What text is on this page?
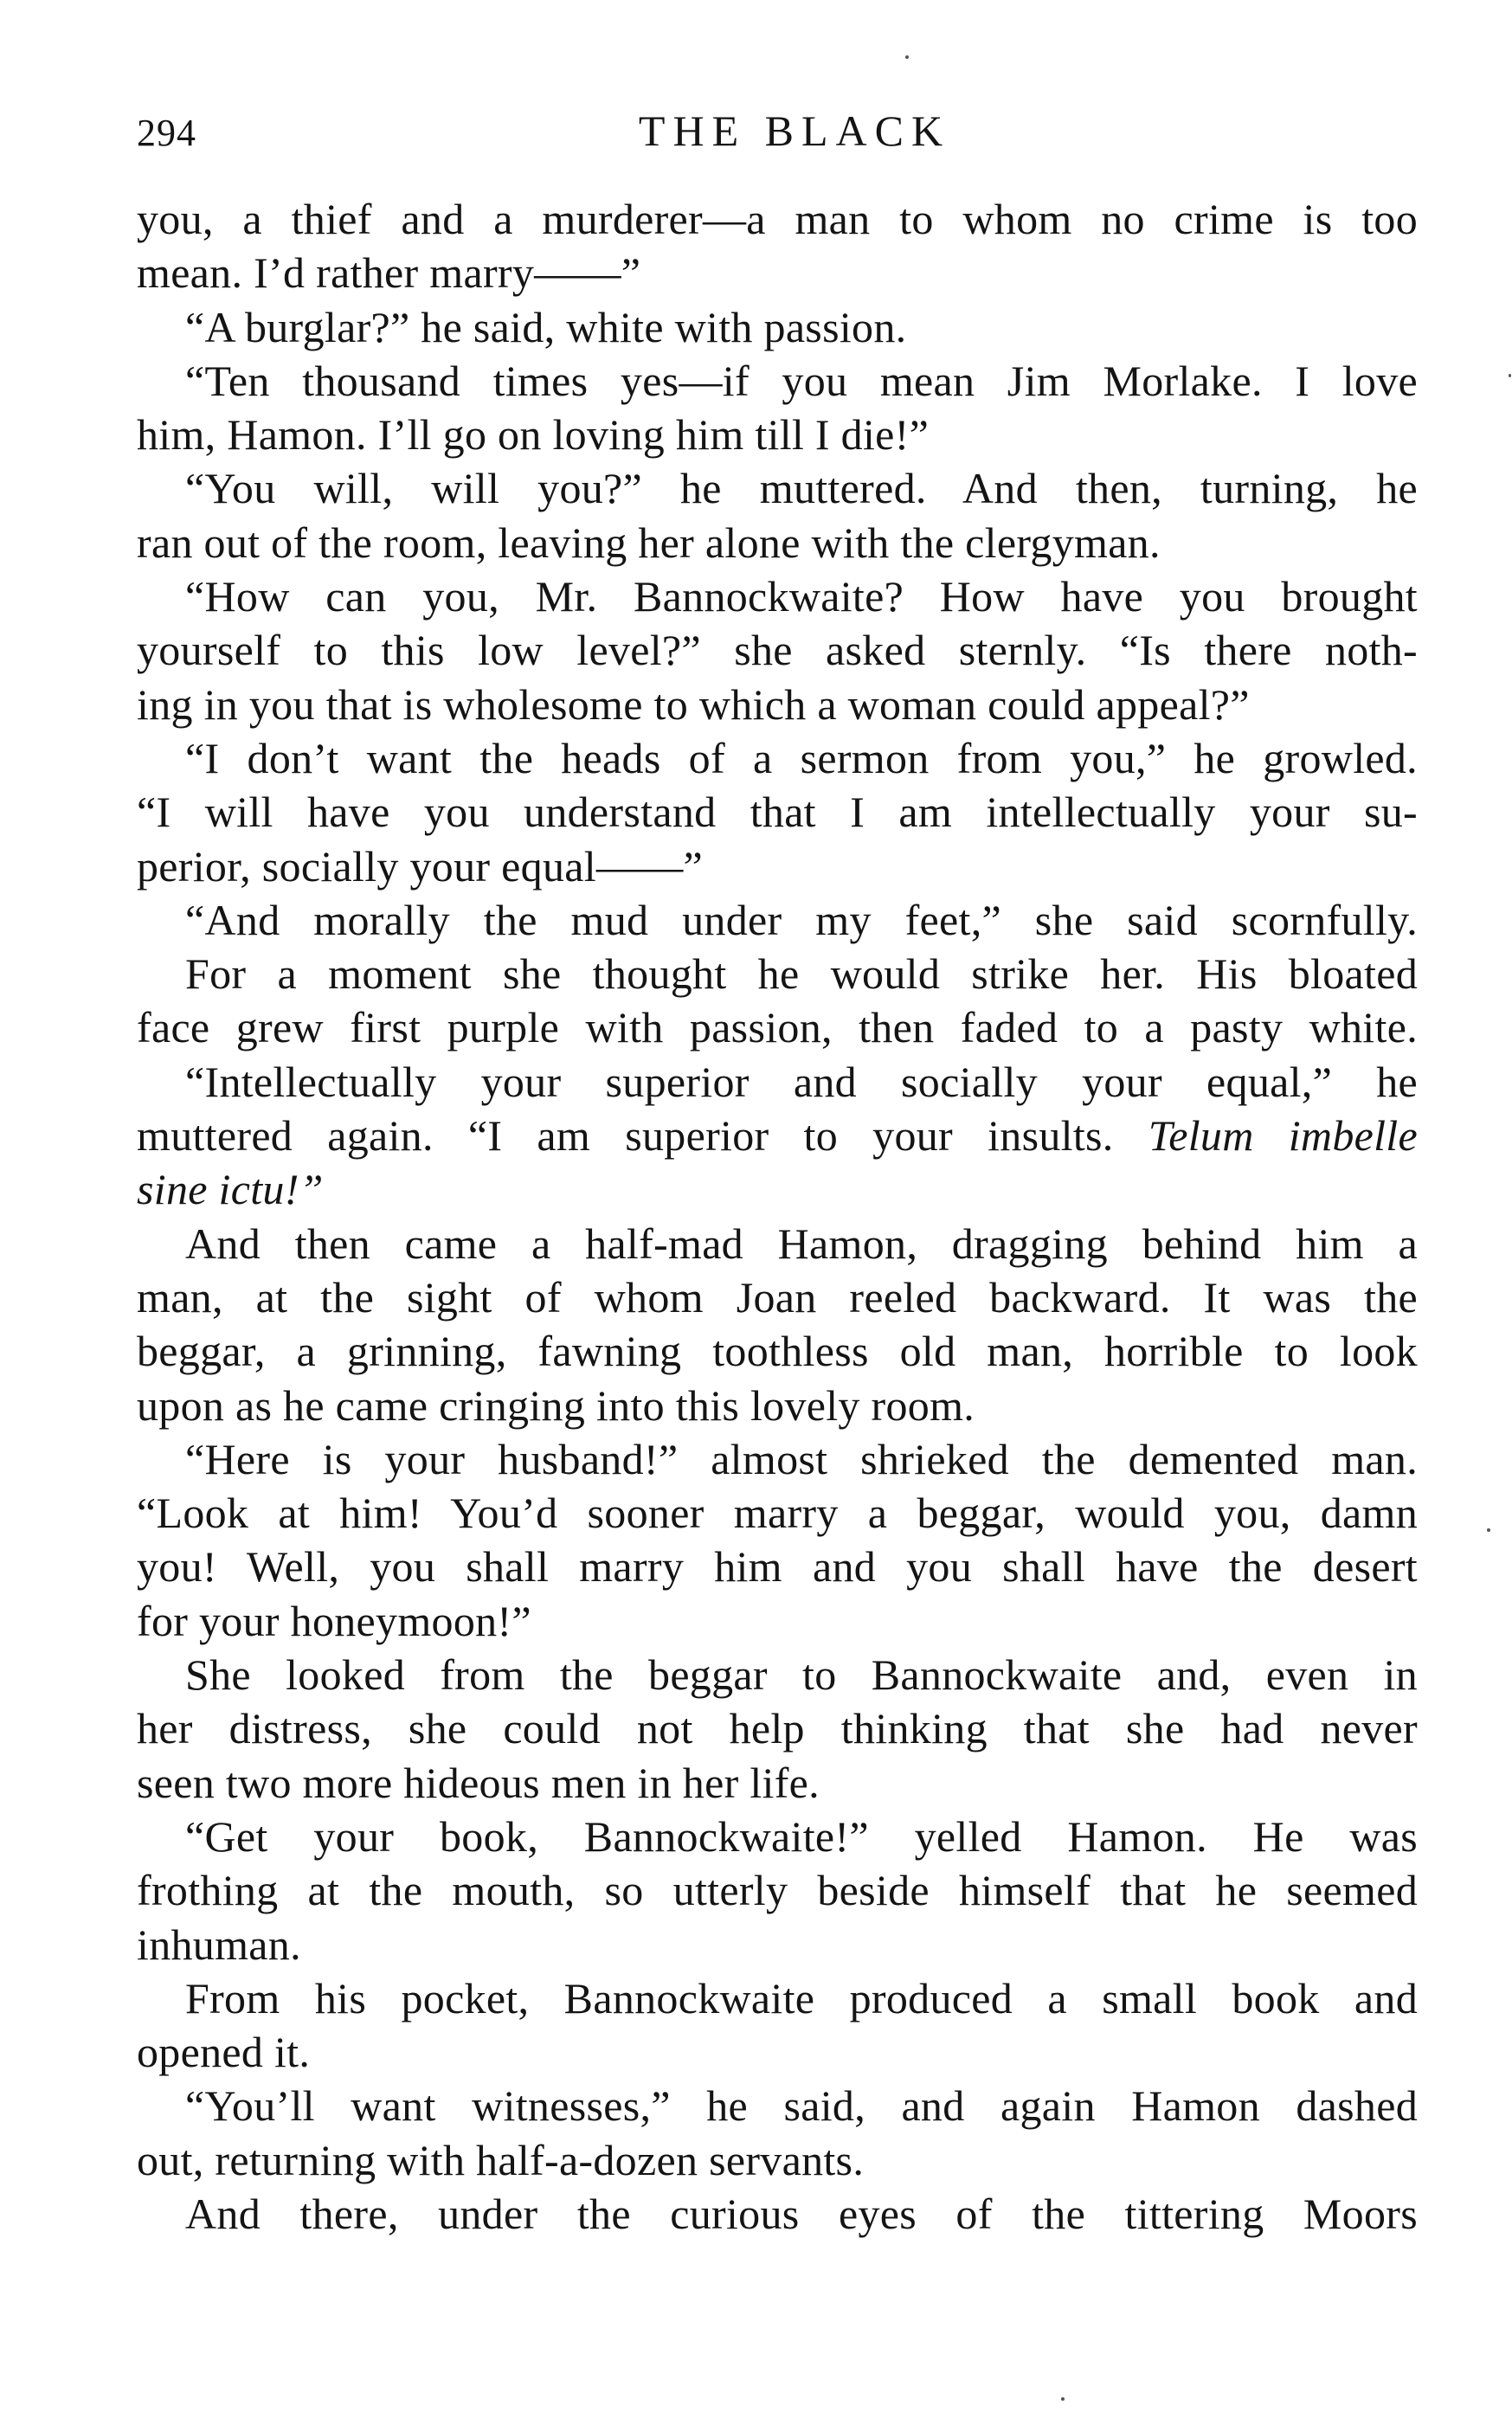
294	THE BLACK
you, a thief and a murderer—a man to whom no crime is too
mean. I’d rather marry——”
“A burglar?” he said, white with passion.
“Ten thousand times yes—if you mean Jim Morlake. I love
him, Hamon. I’ll go on loving him till I die!”
“You will, will you?” he muttered. And then, turning, he
ran out of the room, leaving her alone with the clergyman.
“How can you, Mr. Bannockwaite? How have you brought
yourself to this low level?” she asked sternly. “Is there noth-
ing in you that is wholesome to which a woman could appeal?”
“I don’t want the heads of a sermon from you,” he growled.
“I will have you understand that I am intellectually your su-
perior, socially your equal——”
“And morally the mud under my feet,” she said scornfully.
For a moment she thought he would strike her. His bloated
face grew first purple with passion, then faded to a pasty white.
“Intellectually your superior and socially your equal,” he
muttered again. “I am superior to your insults. Telum imbelle
sine ictu!”
And then came a half-mad Hamon, dragging behind him a
man, at the sight of whom Joan reeled backward. It was the
beggar, a grinning, fawning toothless old man, horrible to look
upon as he came cringing into this lovely room.
“Here is your husband!” almost shrieked the demented man.
“Look at him! You’d sooner marry a beggar, would you, damn
you! Well, you shall marry him and you shall have the desert
for your honeymoon!”
She looked from the beggar to Bannockwaite and, even in
her distress, she could not help thinking that she had never
seen two more hideous men in her life.
“Get your book, Bannockwaite!” yelled Hamon. He was
frothing at the mouth, so utterly beside himself that he seemed
inhuman.
From his pocket, Bannockwaite produced a small book and
opened it.
“You’ll want witnesses,” he said, and again Hamon dashed
out, returning with half-a-dozen servants.
And there, under the curious eyes of the tittering Moors
